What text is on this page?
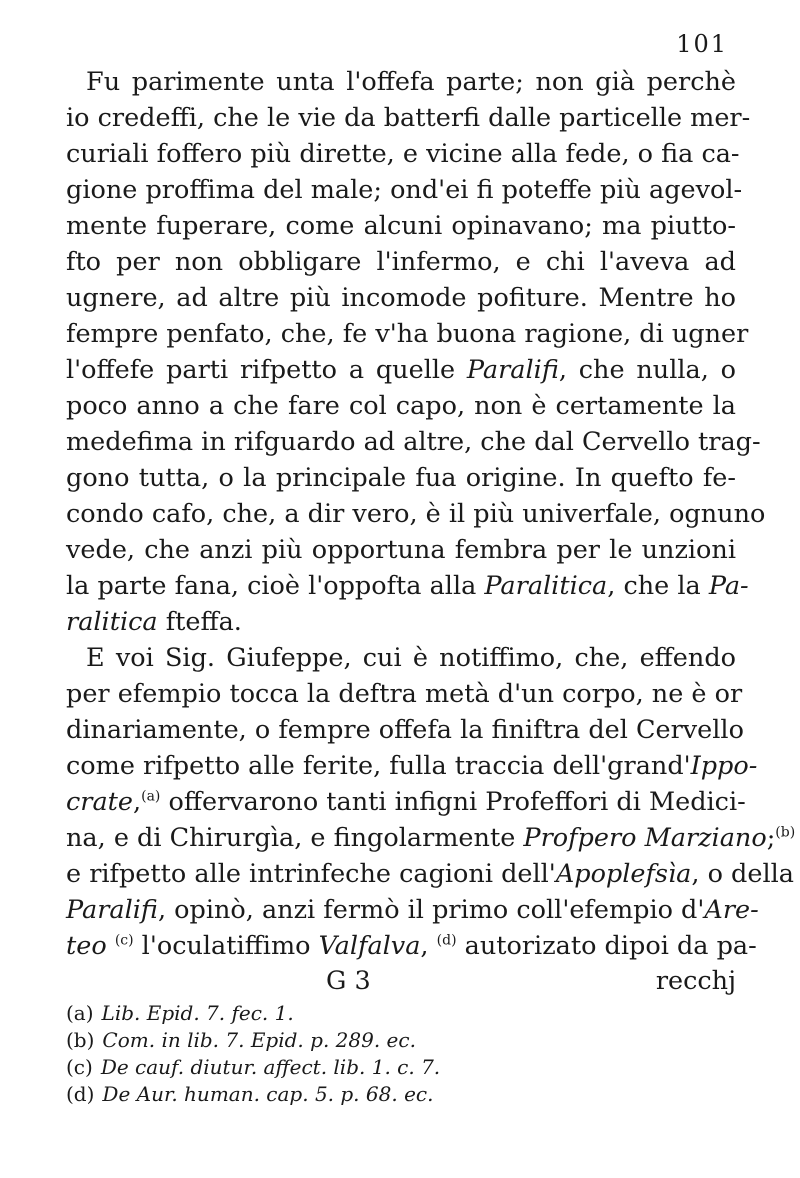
101
Fu parimente unta l'offefa parte; non già perchè
io credeffi, che le vie da batterfi dalle particelle mer-
curiali foffero più dirette, e vicine alla fede, o fia ca-
gione proffima del male; ond'ei fi poteffe più agevol-
mente fuperare, come alcuni opinavano; ma piutto-
fto per non obbligare l'infermo, e chi l'aveva ad
ugnere, ad altre più incomode pofiture. Mentre ho
fempre penfato, che, fe v'ha buona ragione, di ugner
l'offefe parti rifpetto a quelle Paralifi, che nulla, o
poco anno a che fare col capo, non è certamente la
medefima in rifguardo ad altre, che dal Cervello trag-
gono tutta, o la principale fua origine. In quefto fe-
condo cafo, che, a dir vero, è il più univerfale, ognuno
vede, che anzi più opportuna fembra per le unzioni
la parte fana, cioè l'oppofta alla Paralitica, che la Pa-
ralitica fteffa.
E voi Sig. Giufeppe, cui è notiffimo, che, effendo
per efempio tocca la deftra metà d'un corpo, ne è or
dinariamente, o fempre offefa la finiftra del Cervello
come rifpetto alle ferite, fulla traccia dell'grand'Ippo-
crate,$^{(a)}$ offervarono tanti infigni Profeffori di Medici-
na, e di Chirurgìa, e fingolarmente Profpero Marziano;$^{(b)}$
e rifpetto alle intrinfeche cagioni dell'Apoplefsìa, o della
Paralifi, opinò, anzi fermò il primo coll'efempio d'Are-
teo $^{(c)}$ l'oculatiffimo Valfalva, $^{(d)}$ autorizato dipoi da pa-
G 3	recchj
(a) Lib. Epid. 7. fec. 1.
(b) Com. in lib. 7. Epid. p. 289. ec.
(c) De cauf. diutur. affect. lib. 1. c. 7.
(d) De Aur. human. cap. 5. p. 68. ec.
